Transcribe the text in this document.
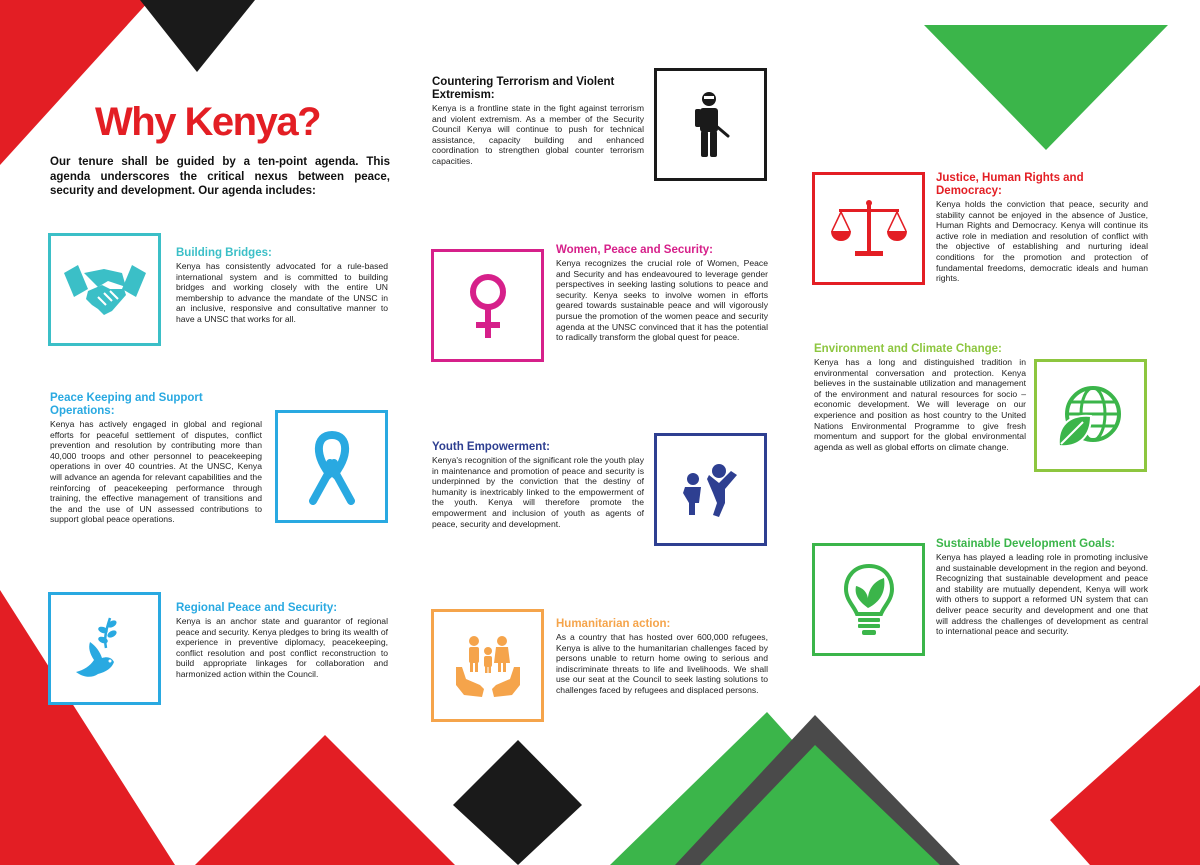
Why Kenya?

Our tenure shall be guided by a ten-point agenda. This agenda underscores the critical nexus between peace, security and development. Our agenda includes:

Building Bridges:

Kenya has consistently advocated for a rule-based international system and is committed to building bridges and working closely with the entire UN membership to advance the mandate of the UNSC in an inclusive, responsive and consultative manner to have a UNSC that works for all.

Peace Keeping and Support Operations:

Kenya has actively engaged in global and regional efforts for peaceful settlement of disputes, conflict prevention and resolution by contributing more than 40,000 troops and other personnel to peacekeeping operations in over 40 countries. At the UNSC, Kenya will advance an agenda for relevant capabilities and the reinforcing of peacekeeping performance through training, the effective management of transitions and the and the use of UN assessed contributions to support global peace operations.

Regional Peace and Security:

Kenya is an anchor state and guarantor of regional peace and security. Kenya pledges to bring its wealth of experience in preventive diplomacy, peacekeeping, conflict resolution and post conflict reconstruction to build appropriate linkages for collaboration and harmonized action within the Council.

Countering Terrorism and Violent Extremism:

Kenya is a frontline state in the fight against terrorism and violent extremism. As a member of the Security Council Kenya will continue to push for technical assistance, capacity building and enhanced coordination to strengthen global counter terrorism capacities.

Women, Peace and Security:

Kenya recognizes the crucial role of Women, Peace and Security and has endeavoured to leverage gender perspectives in seeking lasting solutions to peace and security. Kenya seeks to involve women in efforts geared towards sustainable peace and will vigorously pursue the promotion of the women peace and security agenda at the UNSC convinced that it has the potential to radically transform the global quest for peace.

Youth Empowerment:

Kenya's recognition of the significant role the youth play in maintenance and promotion of peace and security is underpinned by the conviction that the destiny of humanity is inextricably linked to the empowerment of the youth. Kenya will therefore promote the empowerment and inclusion of youth as agents of peace, security and development.

Humanitarian action:

As a country that has hosted over 600,000 refugees, Kenya is alive to the humanitarian challenges faced by persons unable to return home owing to serious and indiscriminate threats to life and livelihoods. We shall use our seat at the Council to seek lasting solutions to challenges faced by refugees and displaced persons.

Justice, Human Rights and Democracy:

Kenya holds the conviction that peace, security and stability cannot be enjoyed in the absence of Justice, Human Rights and Democracy. Kenya will continue its active role in mediation and resolution of conflict with the objective of establishing and nurturing ideal conditions for the promotion and protection of fundamental freedoms, democratic ideals and human rights.

Environment and Climate Change:

Kenya has a long and distinguished tradition in environmental conversation and protection. Kenya believes in the sustainable utilization and management of the environment and natural resources for socio – economic development. We will leverage on our experience and position as host country to the United Nations Environmental Programme to give fresh momentum and support for the global environmental agenda as well as global efforts on climate change.

Sustainable Development Goals:

Kenya has played a leading role in promoting inclusive and sustainable development in the region and beyond. Recognizing that sustainable development and peace and stability are mutually dependent, Kenya will work with others to support a reformed UN system that can deliver peace security and development and one that will address the challenges of development as central to international peace and security.
